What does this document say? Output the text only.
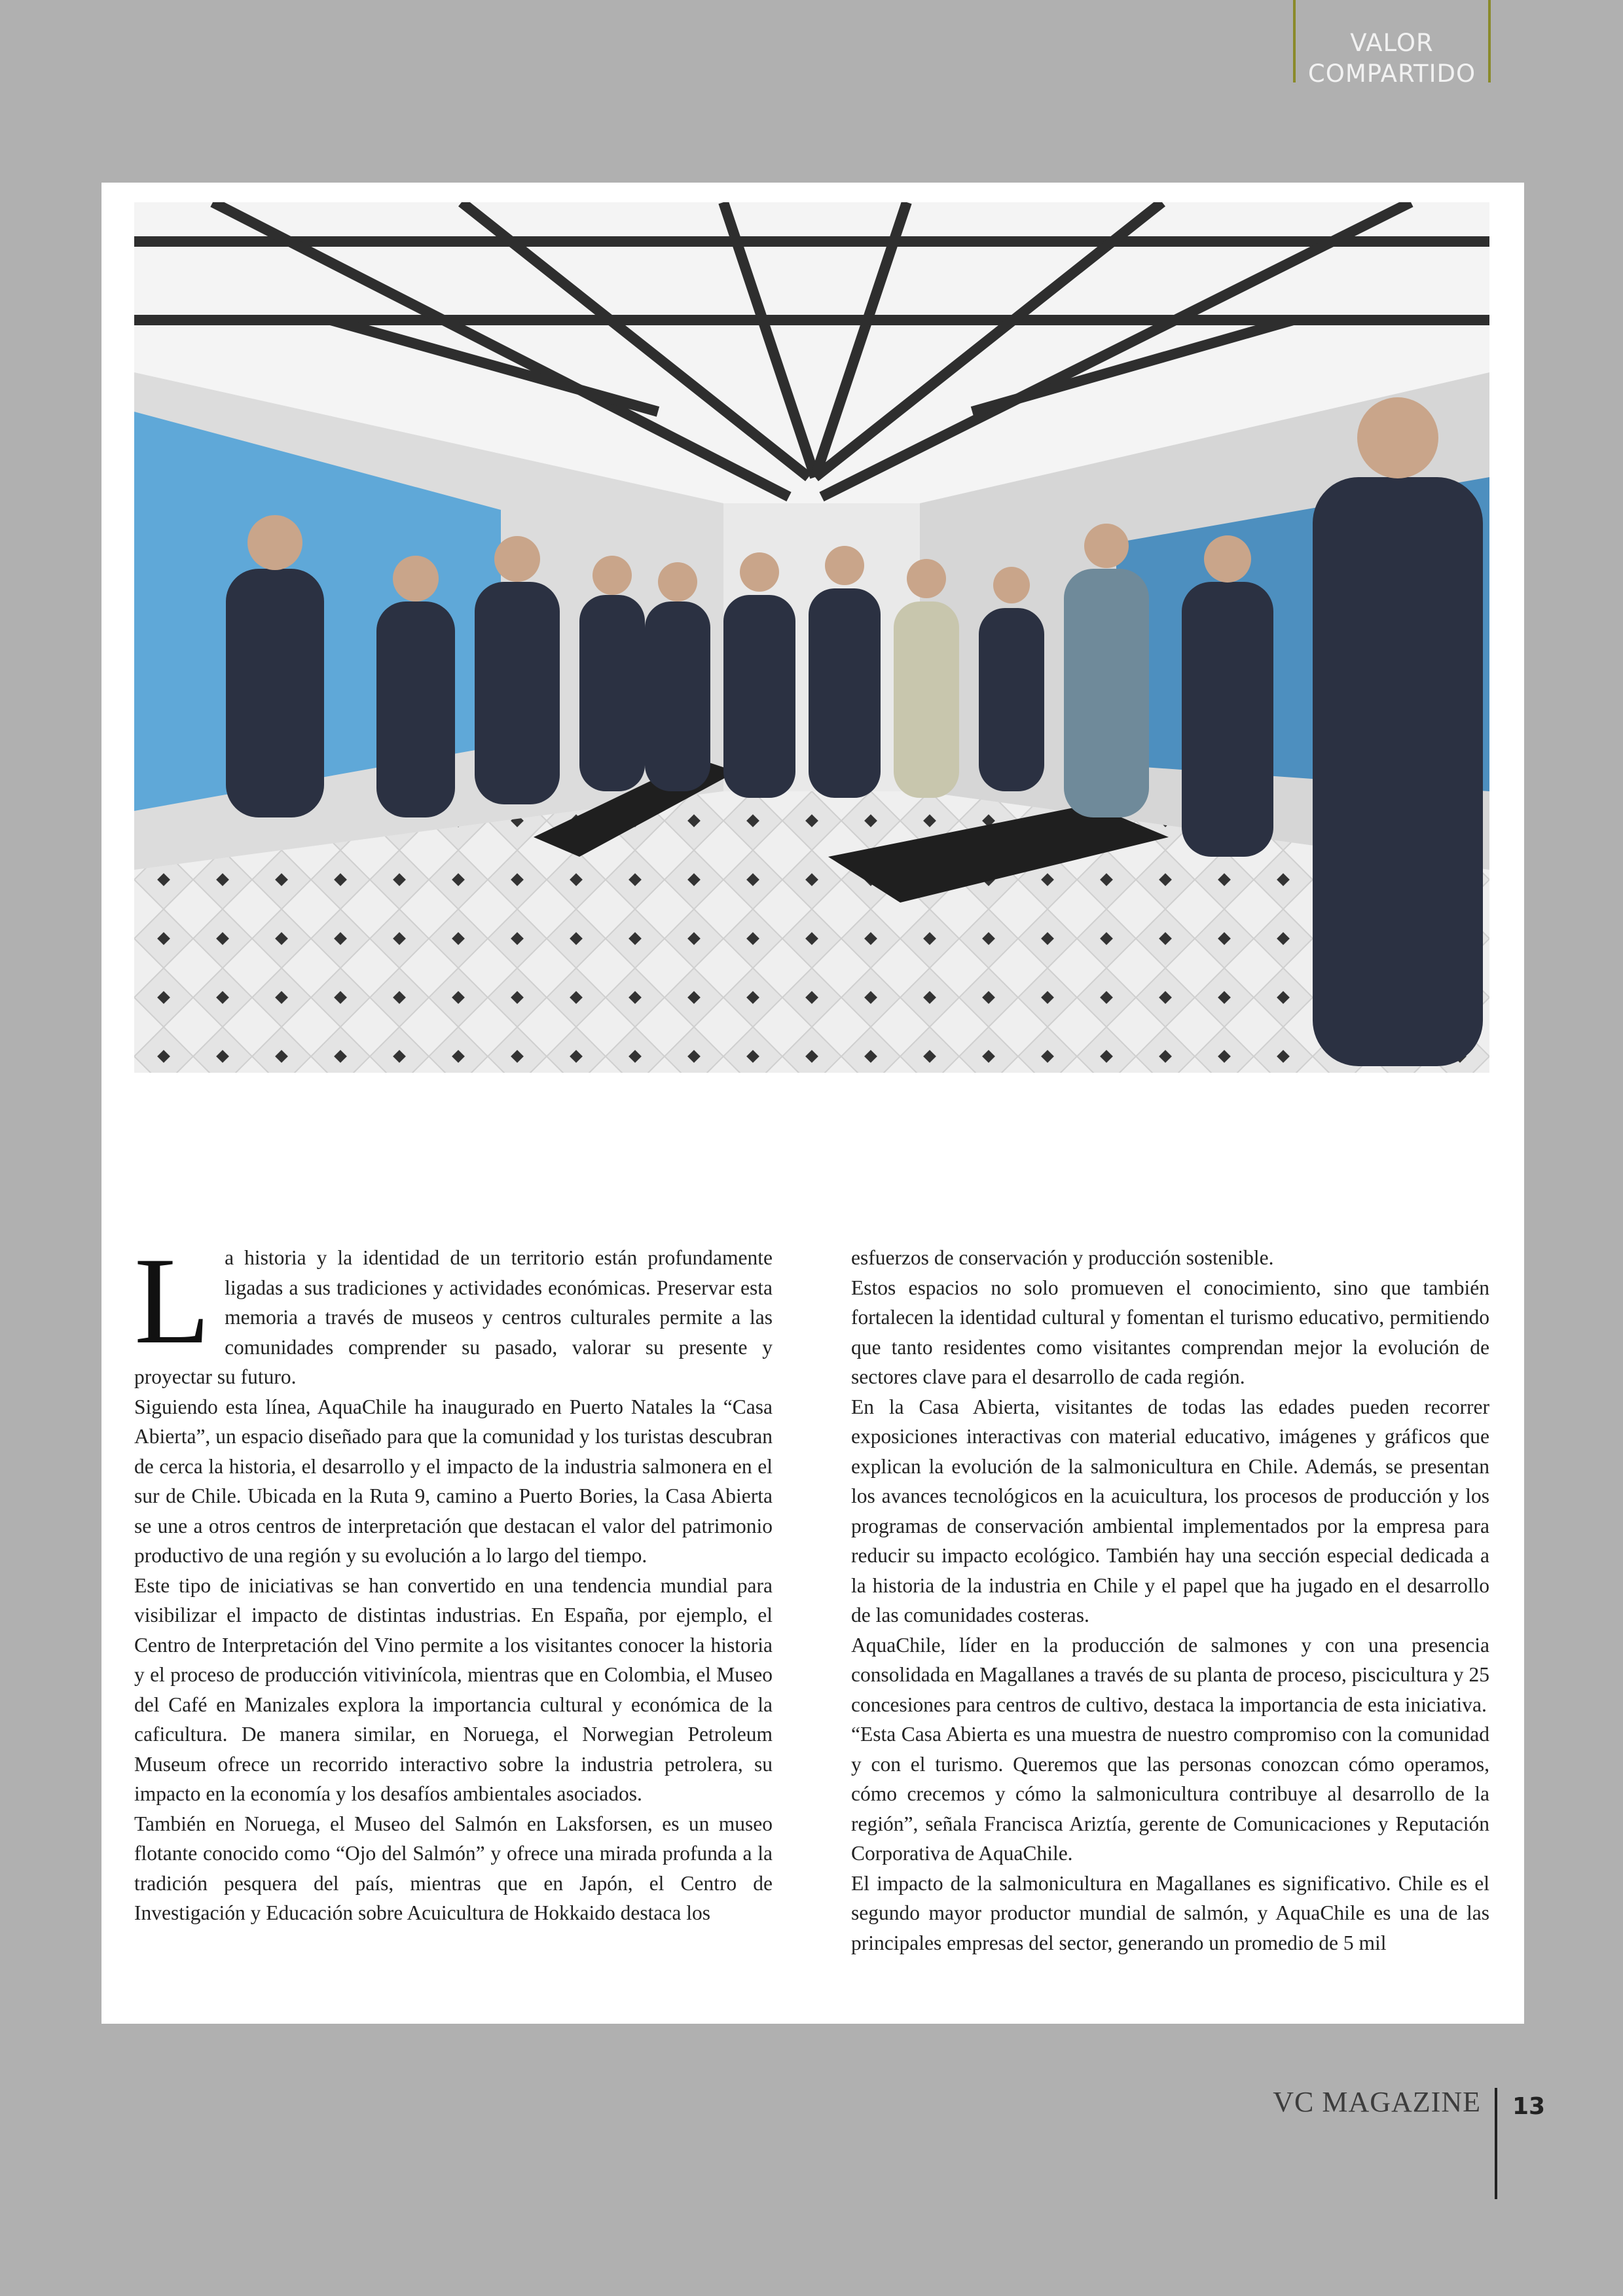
VALOR
COMPARTIDO

La historia y la identidad de un territorio están profundamente ligadas a sus tradiciones y actividades económicas. Preservar esta memoria a través de museos y centros culturales permite a las comunidades comprender su pasado, valorar su presente y proyectar su futuro.

Siguiendo esta línea, AquaChile ha inaugurado en Puerto Natales la “Casa Abierta”, un espacio diseñado para que la comunidad y los turistas descubran de cerca la historia, el desarrollo y el impacto de la industria salmonera en el sur de Chile. Ubicada en la Ruta 9, camino a Puerto Bories, la Casa Abierta se une a otros centros de interpretación que destacan el valor del patrimonio productivo de una región y su evolución a lo largo del tiempo.

Este tipo de iniciativas se han convertido en una tendencia mundial para visibilizar el impacto de distintas industrias. En España, por ejemplo, el Centro de Interpretación del Vino permite a los visitantes conocer la historia y el proceso de producción vitivinícola, mientras que en Colombia, el Museo del Café en Manizales explora la importancia cultural y económica de la caficultura. De manera similar, en Noruega, el Norwegian Petroleum Museum ofrece un recorrido interactivo sobre la industria petrolera, su impacto en la economía y los desafíos ambientales asociados.

También en Noruega, el Museo del Salmón en Laksforsen, es un museo flotante conocido como “Ojo del Salmón” y ofrece una mirada profunda a la tradición pesquera del país, mientras que en Japón, el Centro de Investigación y Educación sobre Acuicultura de Hokkaido destaca los

esfuerzos de conservación y producción sostenible.

Estos espacios no solo promueven el conocimiento, sino que también fortalecen la identidad cultural y fomentan el turismo educativo, permitiendo que tanto residentes como visitantes comprendan mejor la evolución de sectores clave para el desarrollo de cada región.

En la Casa Abierta, visitantes de todas las edades pueden recorrer exposiciones interactivas con material educativo, imágenes y gráficos que explican la evolución de la salmonicultura en Chile. Además, se presentan los avances tecnológicos en la acuicultura, los procesos de producción y los programas de conservación ambiental implementados por la empresa para reducir su impacto ecológico. También hay una sección especial dedicada a la historia de la industria en Chile y el papel que ha jugado en el desarrollo de las comunidades costeras.

AquaChile, líder en la producción de salmones y con una presencia consolidada en Magallanes a través de su planta de proceso, piscicultura y 25 concesiones para centros de cultivo, destaca la importancia de esta iniciativa.

“Esta Casa Abierta es una muestra de nuestro compromiso con la comunidad y con el turismo. Queremos que las personas conozcan cómo operamos, cómo crecemos y cómo la salmonicultura contribuye al desarrollo de la región”, señala Francisca Ariztía, gerente de Comunicaciones y Reputación Corporativa de AquaChile.

El impacto de la salmonicultura en Magallanes es significativo. Chile es el segundo mayor productor mundial de salmón, y AquaChile es una de las principales empresas del sector, generando un promedio de 5 mil

VC MAGAZINE 13
